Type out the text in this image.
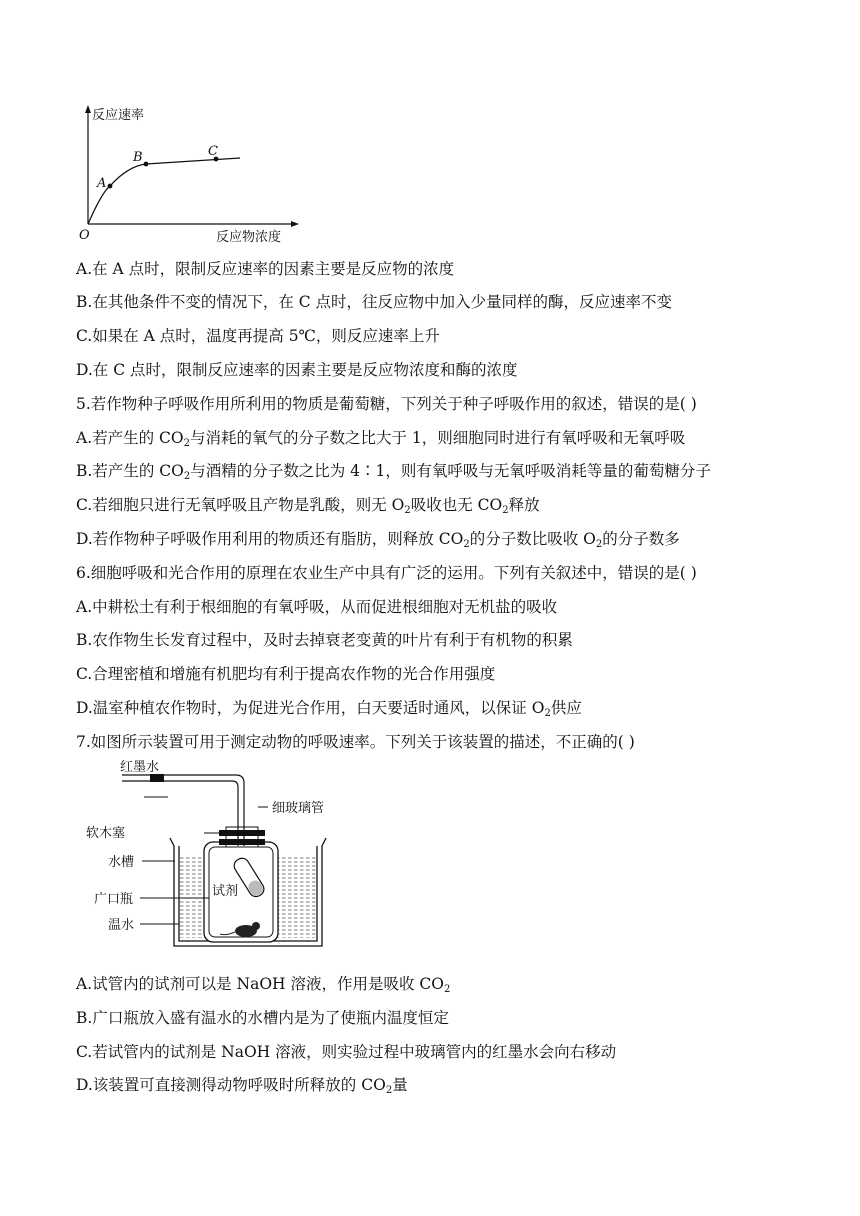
反应速率
反应物浓度
O
A
B	C
A.在 A 点时，限制反应速率的因素主要是反应物的浓度
B.在其他条件不变的情况下，在 C 点时，往反应物中加入少量同样的酶，反应速率不变
C.如果在 A 点时，温度再提高 5℃，则反应速率上升
D.在 C 点时，限制反应速率的因素主要是反应物浓度和酶的浓度
5.若作物种子呼吸作用所利用的物质是葡萄糖，下列关于种子呼吸作用的叙述，错误的是( )
A.若产生的 $CO_2$与消耗的氧气的分子数之比大于 1，则细胞同时进行有氧呼吸和无氧呼吸
B.若产生的 $CO_2$与酒精的分子数之比为 4∶1，则有氧呼吸与无氧呼吸消耗等量的葡萄糖分子
C.若细胞只进行无氧呼吸且产物是乳酸，则无 $O_2$吸收也无 $CO_2$释放
D.若作物种子呼吸作用利用的物质还有脂肪，则释放 $CO_2$的分子数比吸收 $O_2$的分子数多
6.细胞呼吸和光合作用的原理在农业生产中具有广泛的运用。下列有关叙述中，错误的是( )
A.中耕松土有利于根细胞的有氧呼吸，从而促进根细胞对无机盐的吸收
B.农作物生长发育过程中，及时去掉衰老变黄的叶片有利于有机物的积累
C.合理密植和增施有机肥均有利于提高农作物的光合作用强度
D.温室种植农作物时，为促进光合作用，白天要适时通风，以保证 $O_2$供应
7.如图所示装置可用于测定动物的呼吸速率。下列关于该装置的描述，不正确的( )
红墨水
细玻璃管
软木塞
水槽
试剂
广口瓶
温水
A.试管内的试剂可以是 NaOH 溶液，作用是吸收 $CO_2$
B.广口瓶放入盛有温水的水槽内是为了使瓶内温度恒定
C.若试管内的试剂是 NaOH 溶液，则实验过程中玻璃管内的红墨水会向右移动
D.该装置可直接测得动物呼吸时所释放的 $CO_2$量
